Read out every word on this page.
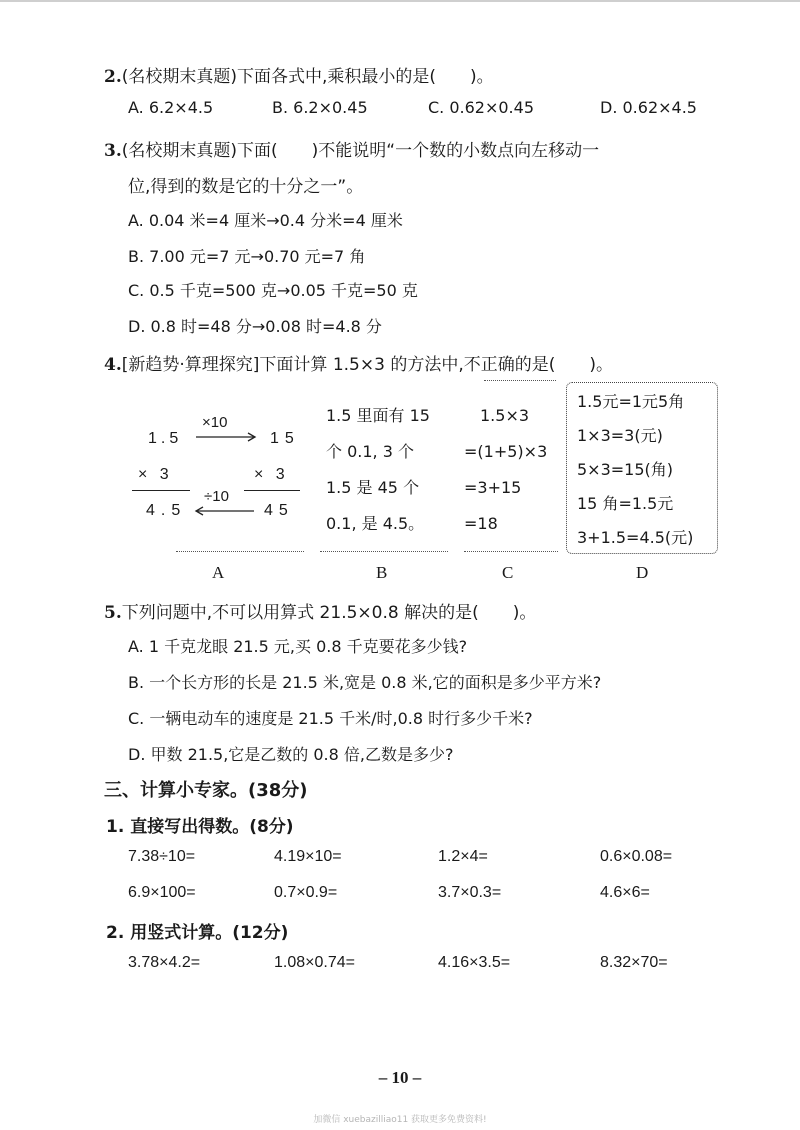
2.(名校期末真题)下面各式中,乘积最小的是(　　)。
A. 6.2×4.5	B. 6.2×0.45	C. 0.62×0.45	D. 0.62×4.5
3.(名校期末真题)下面(　　)不能说明“一个数的小数点向左移动一
位,得到的数是它的十分之一”。
A. 0.04 米=4 厘米→0.4 分米=4 厘米
B. 7.00 元=7 元→0.70 元=7 角
C. 0.5 千克=500 克→0.05 千克=50 克
D. 0.8 时=48 分→0.08 时=4.8 分
4.[新趋势·算理探究]下面计算 1.5×3 的方法中,不正确的是(　　)。
1.5	15
×10
× 3	× 3
÷10
4.5	45
1.5 里面有 15
个 0.1, 3 个
1.5 是 45 个
0.1, 是 4.5。
1.5×3
=(1+5)×3
=3+15
=18
1.5元=1元5角
1×3=3(元)
5×3=15(角)
15 角=1.5元
3+1.5=4.5(元)
A	B	C	D
5.下列问题中,不可以用算式 21.5×0.8 解决的是(　　)。
A. 1 千克龙眼 21.5 元,买 0.8 千克要花多少钱?
B. 一个长方形的长是 21.5 米,宽是 0.8 米,它的面积是多少平方米?
C. 一辆电动车的速度是 21.5 千米/时,0.8 时行多少千米?
D. 甲数 21.5,它是乙数的 0.8 倍,乙数是多少?
三、计算小专家。(38分)
1. 直接写出得数。(8分)
7.38÷10=	4.19×10=	1.2×4=	0.6×0.08=
6.9×100=	0.7×0.9=	3.7×0.3=	4.6×6=
2. 用竖式计算。(12分)
3.78×4.2=	1.08×0.74=	4.16×3.5=	8.32×70=
– 10 –
加微信 xuebazilliao11 获取更多免费资料!
